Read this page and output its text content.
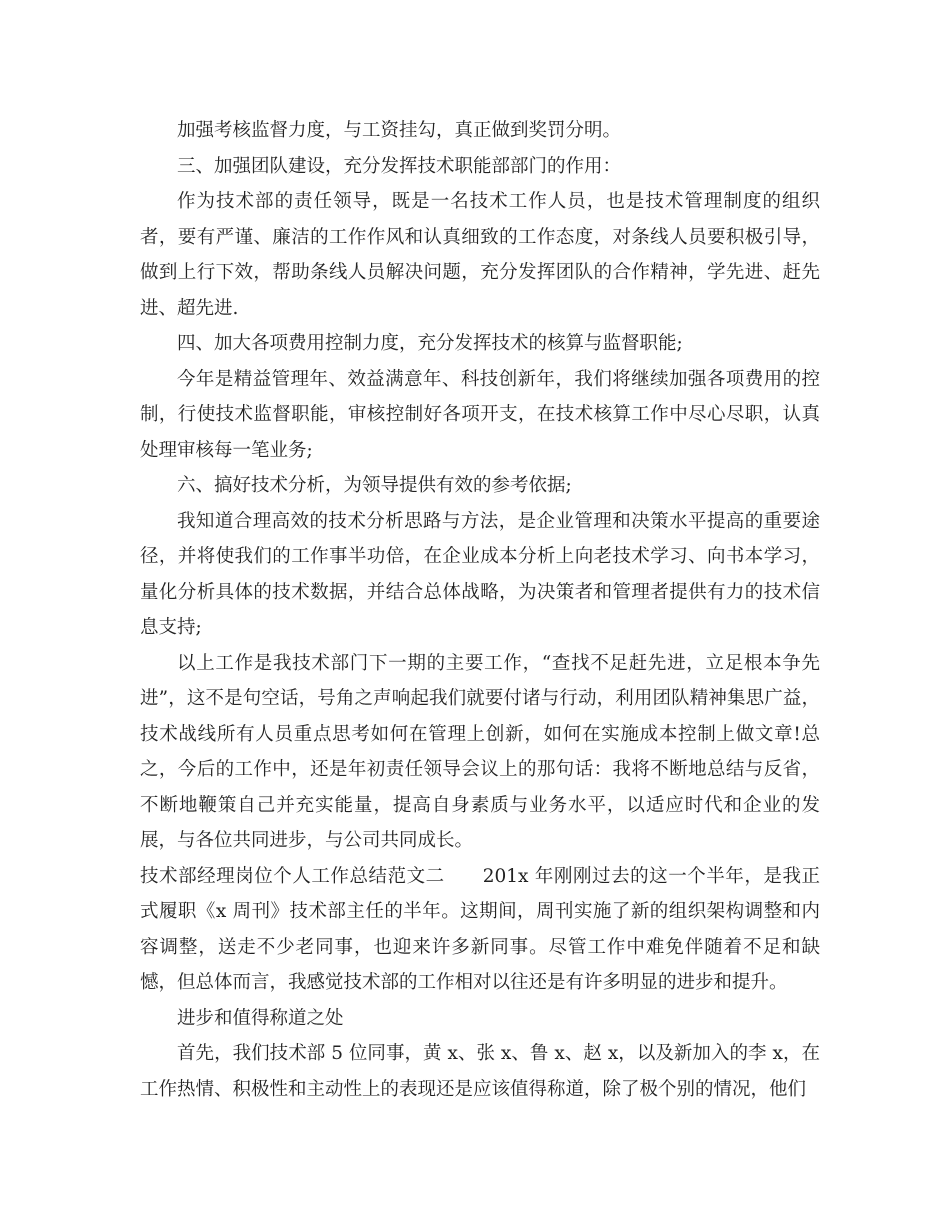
加强考核监督力度，与工资挂勾，真正做到奖罚分明。

三、加强团队建设，充分发挥技术职能部部门的作用：

作为技术部的责任领导，既是一名技术工作人员，也是技术管理制度的组织者，要有严谨、廉洁的工作作风和认真细致的工作态度，对条线人员要积极引导，做到上行下效，帮助条线人员解决问题，充分发挥团队的合作精神，学先进、赶先进、超先进.

四、加大各项费用控制力度，充分发挥技术的核算与监督职能;

今年是精益管理年、效益满意年、科技创新年，我们将继续加强各项费用的控制，行使技术监督职能，审核控制好各项开支，在技术核算工作中尽心尽职，认真处理审核每一笔业务;

六、搞好技术分析，为领导提供有效的参考依据;

我知道合理高效的技术分析思路与方法，是企业管理和决策水平提高的重要途径，并将使我们的工作事半功倍，在企业成本分析上向老技术学习、向书本学习，量化分析具体的技术数据，并结合总体战略，为决策者和管理者提供有力的技术信息支持;

以上工作是我技术部门下一期的主要工作，“查找不足赶先进，立足根本争先进”，这不是句空话，号角之声响起我们就要付诸与行动，利用团队精神集思广益，技术战线所有人员重点思考如何在管理上创新，如何在实施成本控制上做文章!总之，今后的工作中，还是年初责任领导会议上的那句话：我将不断地总结与反省，不断地鞭策自己并充实能量，提高自身素质与业务水平，以适应时代和企业的发展，与各位共同进步，与公司共同成长。

技术部经理岗位个人工作总结范文二　　201x 年刚刚过去的这一个半年，是我正式履职《x 周刊》技术部主任的半年。这期间，周刊实施了新的组织架构调整和内容调整，送走不少老同事，也迎来许多新同事。尽管工作中难免伴随着不足和缺憾，但总体而言，我感觉技术部的工作相对以往还是有许多明显的进步和提升。

进步和值得称道之处

首先，我们技术部 5 位同事，黄 x、张 x、鲁 x、赵 x，以及新加入的李 x，在工作热情、积极性和主动性上的表现还是应该值得称道，除了极个别的情况，他们
